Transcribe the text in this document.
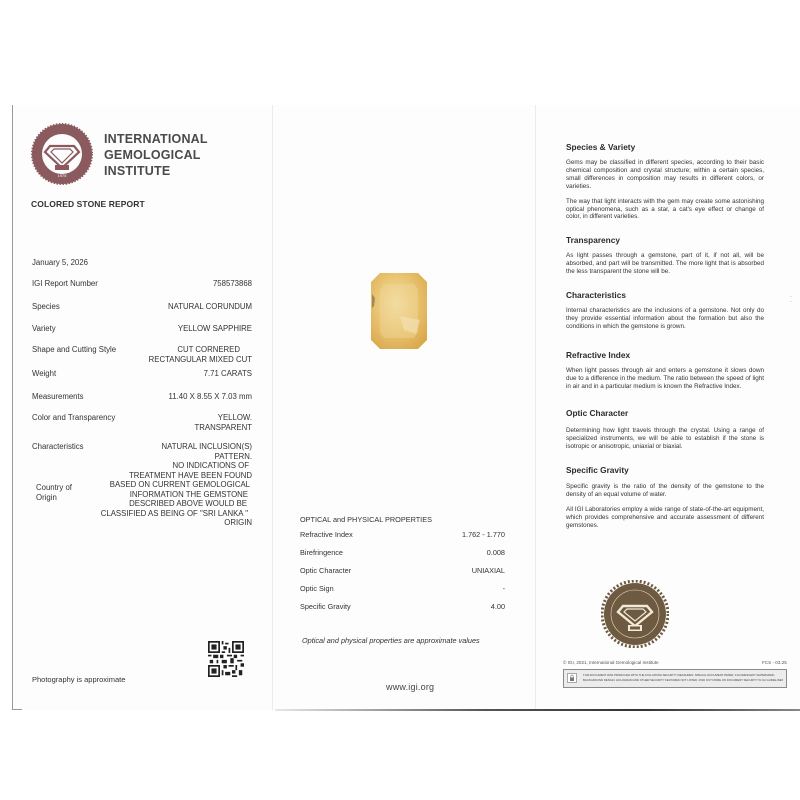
1975
INTERNATIONAL
GEMOLOGICAL
INSTITUTE
COLORED STONE REPORT
January 5, 2026
IGI Report Number	758573868
Species	NATURAL CORUNDUM
Variety	YELLOW SAPPHIRE
Shape and Cutting Style	CUT CORNERED
RECTANGULAR MIXED CUT
Weight	7.71 CARATS
Measurements	11.40 X 8.55 X 7.03 mm
Color and Transparency	YELLOW.
TRANSPARENT
Characteristics	NATURAL INCLUSION(S)
PATTERN.
NO INDICATIONS OF
TREATMENT HAVE BEEN FOUND
Country of
Origin
BASED ON CURRENT GEMOLOGICAL
INFORMATION THE GEMSTONE
DESCRIBED ABOVE WOULD BE
CLASSIFIED AS BEING OF "SRI LANKA "
ORIGIN
Photography is approximate
OPTICAL and PHYSICAL PROPERTIES
Refractive Index	1.762 - 1.770
Birefringence	0.008
Optic Character	UNIAXIAL
Optic Sign	-
Specific Gravity	4.00
Optical and physical properties are approximate values
www.igi.org
Species & Variety

Gems may be classified in different species, according to their basic chemical composition and crystal structure; within a certain species, small differences in composition may results in different colors, or varieties.

The way that light interacts with the gem may create some astonishing optical phenomena, such as a star, a cat's eye effect or change of color, in different varieties.

Transparency

As light passes through a gemstone, part of it, if not all, will be absorbed, and part will be transmitted. The more light that is absorbed the less transparent the stone will be.

Characteristics

Internal characteristics are the inclusions of a gemstone. Not only do they provide essential information about the formation but also the conditions in which the gemstone is grown.

Refractive Index

When light passes through air and enters a gemstone it slows down due to a difference in the medium. The ratio between the speed of light in air and in a particular medium is known the Refractive Index.

Optic Character

Determining how light travels through the crystal. Using a range of specialized instruments, we will be able to establish if the stone is isotropic or anisotropic, uniaxial or biaxial.

Specific Gravity

Specific gravity is the ratio of the density of the gemstone to the density of an equal volume of water.

All IGI Laboratories employ a wide range of state-of-the-art equipment, which provides comprehensive and accurate assessment of different gemstones.

© IGI, 2021, International Gemological Institute	FCS - 03.25
THIS DOCUMENT WAS PRODUCED WITH THE FOLLOWING SECURITY MEASURES: SPECIAL DOCUMENT PAPER, FLUORESCENT WATERMARK,
BACKGROUND DESIGN, HOLOGRAM AND OTHER SECURITY FEATURES NOT LISTED. FIND OUT MORE ON DOCUMENT SECURITY IN IGI GUIDELINES
·
·
